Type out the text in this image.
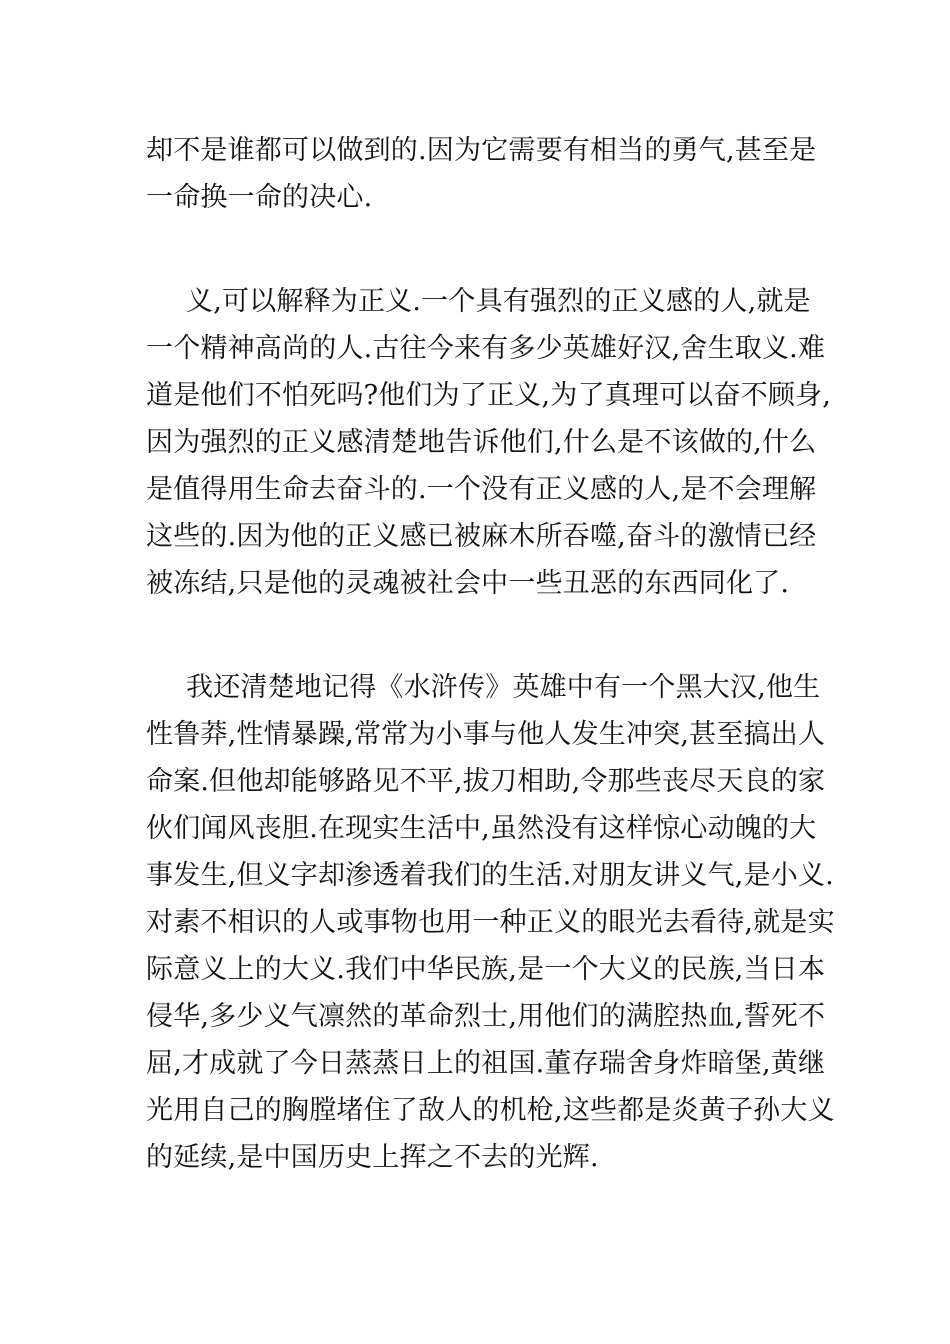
却不是谁都可以做到的.因为它需要有相当的勇气,甚至是
一命换一命的决心.
义,可以解释为正义.一个具有强烈的正义感的人,就是
一个精神高尚的人.古往今来有多少英雄好汉,舍生取义.难
道是他们不怕死吗?他们为了正义,为了真理可以奋不顾身,
因为强烈的正义感清楚地告诉他们,什么是不该做的,什么
是值得用生命去奋斗的.一个没有正义感的人,是不会理解
这些的.因为他的正义感已被麻木所吞噬,奋斗的激情已经
被冻结,只是他的灵魂被社会中一些丑恶的东西同化了.
我还清楚地记得《水浒传》英雄中有一个黑大汉,他生
性鲁莽,性情暴躁,常常为小事与他人发生冲突,甚至搞出人
命案.但他却能够路见不平,拔刀相助,令那些丧尽天良的家
伙们闻风丧胆.在现实生活中,虽然没有这样惊心动魄的大
事发生,但义字却渗透着我们的生活.对朋友讲义气,是小义.
对素不相识的人或事物也用一种正义的眼光去看待,就是实
际意义上的大义.我们中华民族,是一个大义的民族,当日本
侵华,多少义气凛然的革命烈士,用他们的满腔热血,誓死不
屈,才成就了今日蒸蒸日上的祖国.董存瑞舍身炸暗堡,黄继
光用自己的胸膛堵住了敌人的机枪,这些都是炎黄子孙大义
的延续,是中国历史上挥之不去的光辉.
